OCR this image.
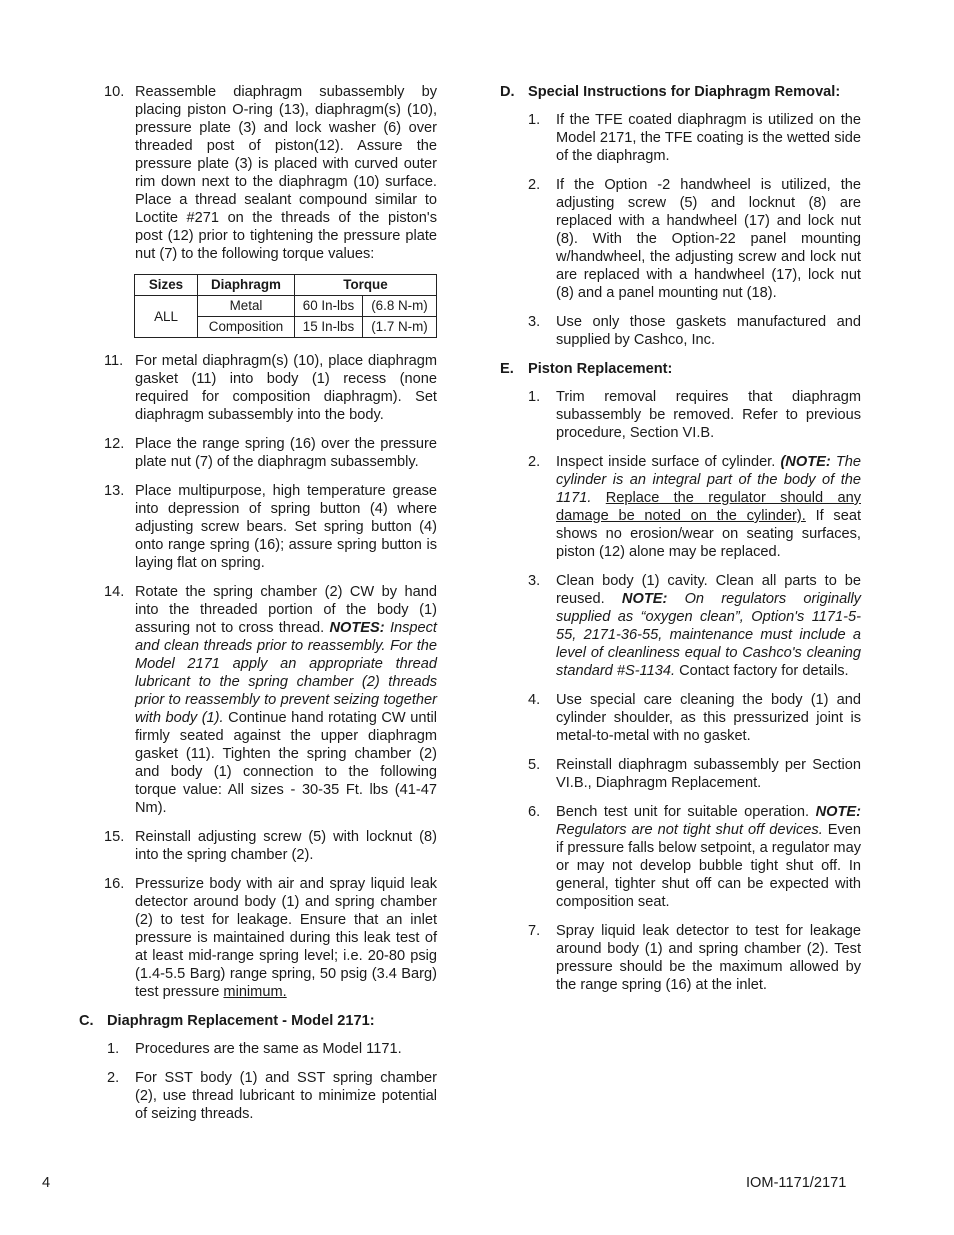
10. Reassemble diaphragm subassembly by placing piston O-ring (13), diaphragm(s) (10), pressure plate (3) and lock washer (6) over threaded post of piston(12). Assure the pressure plate (3) is placed with curved outer rim down next to the diaphragm (10) surface. Place a thread sealant compound similar to Loctite #271 on the threads of the piston's post (12) prior to tightening the pressure plate nut (7) to the following torque values:
Sizes	Diaphragm	Torque	
ALL	Metal	60 In-lbs	(6.8 N-m)
	Composition	15 In-lbs	(1.7 N-m)
11. For metal diaphragm(s) (10), place diaphragm gasket (11) into body (1) recess (none required for composition diaphragm). Set diaphragm subassembly into the body.
12. Place the range spring (16) over the pressure plate nut (7) of the diaphragm subassembly.
13. Place multipurpose, high temperature grease into depression of spring button (4) where adjusting screw bears. Set spring button (4) onto range spring (16); assure spring button is laying flat on spring.
14. Rotate the spring chamber (2) CW by hand into the threaded portion of the body (1) assuring not to cross thread. NOTES: Inspect and clean threads prior to reassembly. For the Model 2171 apply an appropriate thread lubricant to the spring chamber (2) threads prior to reassembly to prevent seizing together with body (1). Continue hand rotating CW until firmly seated against the upper diaphragm gasket (11). Tighten the spring chamber (2) and body (1) connection to the following torque value: All sizes - 30-35 Ft. lbs (41-47 Nm).
15. Reinstall adjusting screw (5) with locknut (8) into the spring chamber (2).
16. Pressurize body with air and spray liquid leak detector around body (1) and spring chamber (2) to test for leakage. Ensure that an inlet pressure is maintained during this leak test of at least mid-range spring level; i.e. 20-80 psig (1.4-5.5 Barg) range spring, 50 psig (3.4 Barg) test pressure minimum.
C. Diaphragm Replacement - Model 2171:
1. Procedures are the same as Model 1171.
2. For SST body (1) and SST spring chamber (2), use thread lubricant to minimize potential of seizing threads.
D. Special Instructions for Diaphragm Removal:
1. If the TFE coated diaphragm is utilized on the Model 2171, the TFE coating is the wetted side of the diaphragm.
2. If the Option -2 handwheel is utilized, the adjusting screw (5) and locknut (8) are replaced with a handwheel (17) and lock nut (8). With the Option-22 panel mounting w/handwheel, the adjusting screw and lock nut are replaced with a handwheel (17), lock nut (8) and a panel mounting nut (18).
3. Use only those gaskets manufactured and supplied by Cashco, Inc.
E. Piston Replacement:
1. Trim removal requires that diaphragm subassembly be removed. Refer to previous procedure, Section VI.B.
2. Inspect inside surface of cylinder. (NOTE: The cylinder is an integral part of the body of the 1171. Replace the regulator should any damage be noted on the cylinder). If seat shows no erosion/wear on seating surfaces, piston (12) alone may be replaced.
3. Clean body (1) cavity. Clean all parts to be reused. NOTE: On regulators originally supplied as “oxygen clean”, Option's 1171-5-55, 2171-36-55, maintenance must include a level of cleanliness equal to Cashco's cleaning standard #S-1134. Contact factory for details.
4. Use special care cleaning the body (1) and cylinder shoulder, as this pressurized joint is metal-to-metal with no gasket.
5. Reinstall diaphragm subassembly per Section VI.B., Diaphragm Replacement.
6. Bench test unit for suitable operation. NOTE: Regulators are not tight shut off devices. Even if pressure falls below setpoint, a regulator may or may not develop bubble tight shut off. In general, tighter shut off can be expected with composition seat.
7. Spray liquid leak detector to test for leakage around body (1) and spring chamber (2). Test pressure should be the maximum allowed by the range spring (16) at the inlet.
4	IOM-1171/2171
